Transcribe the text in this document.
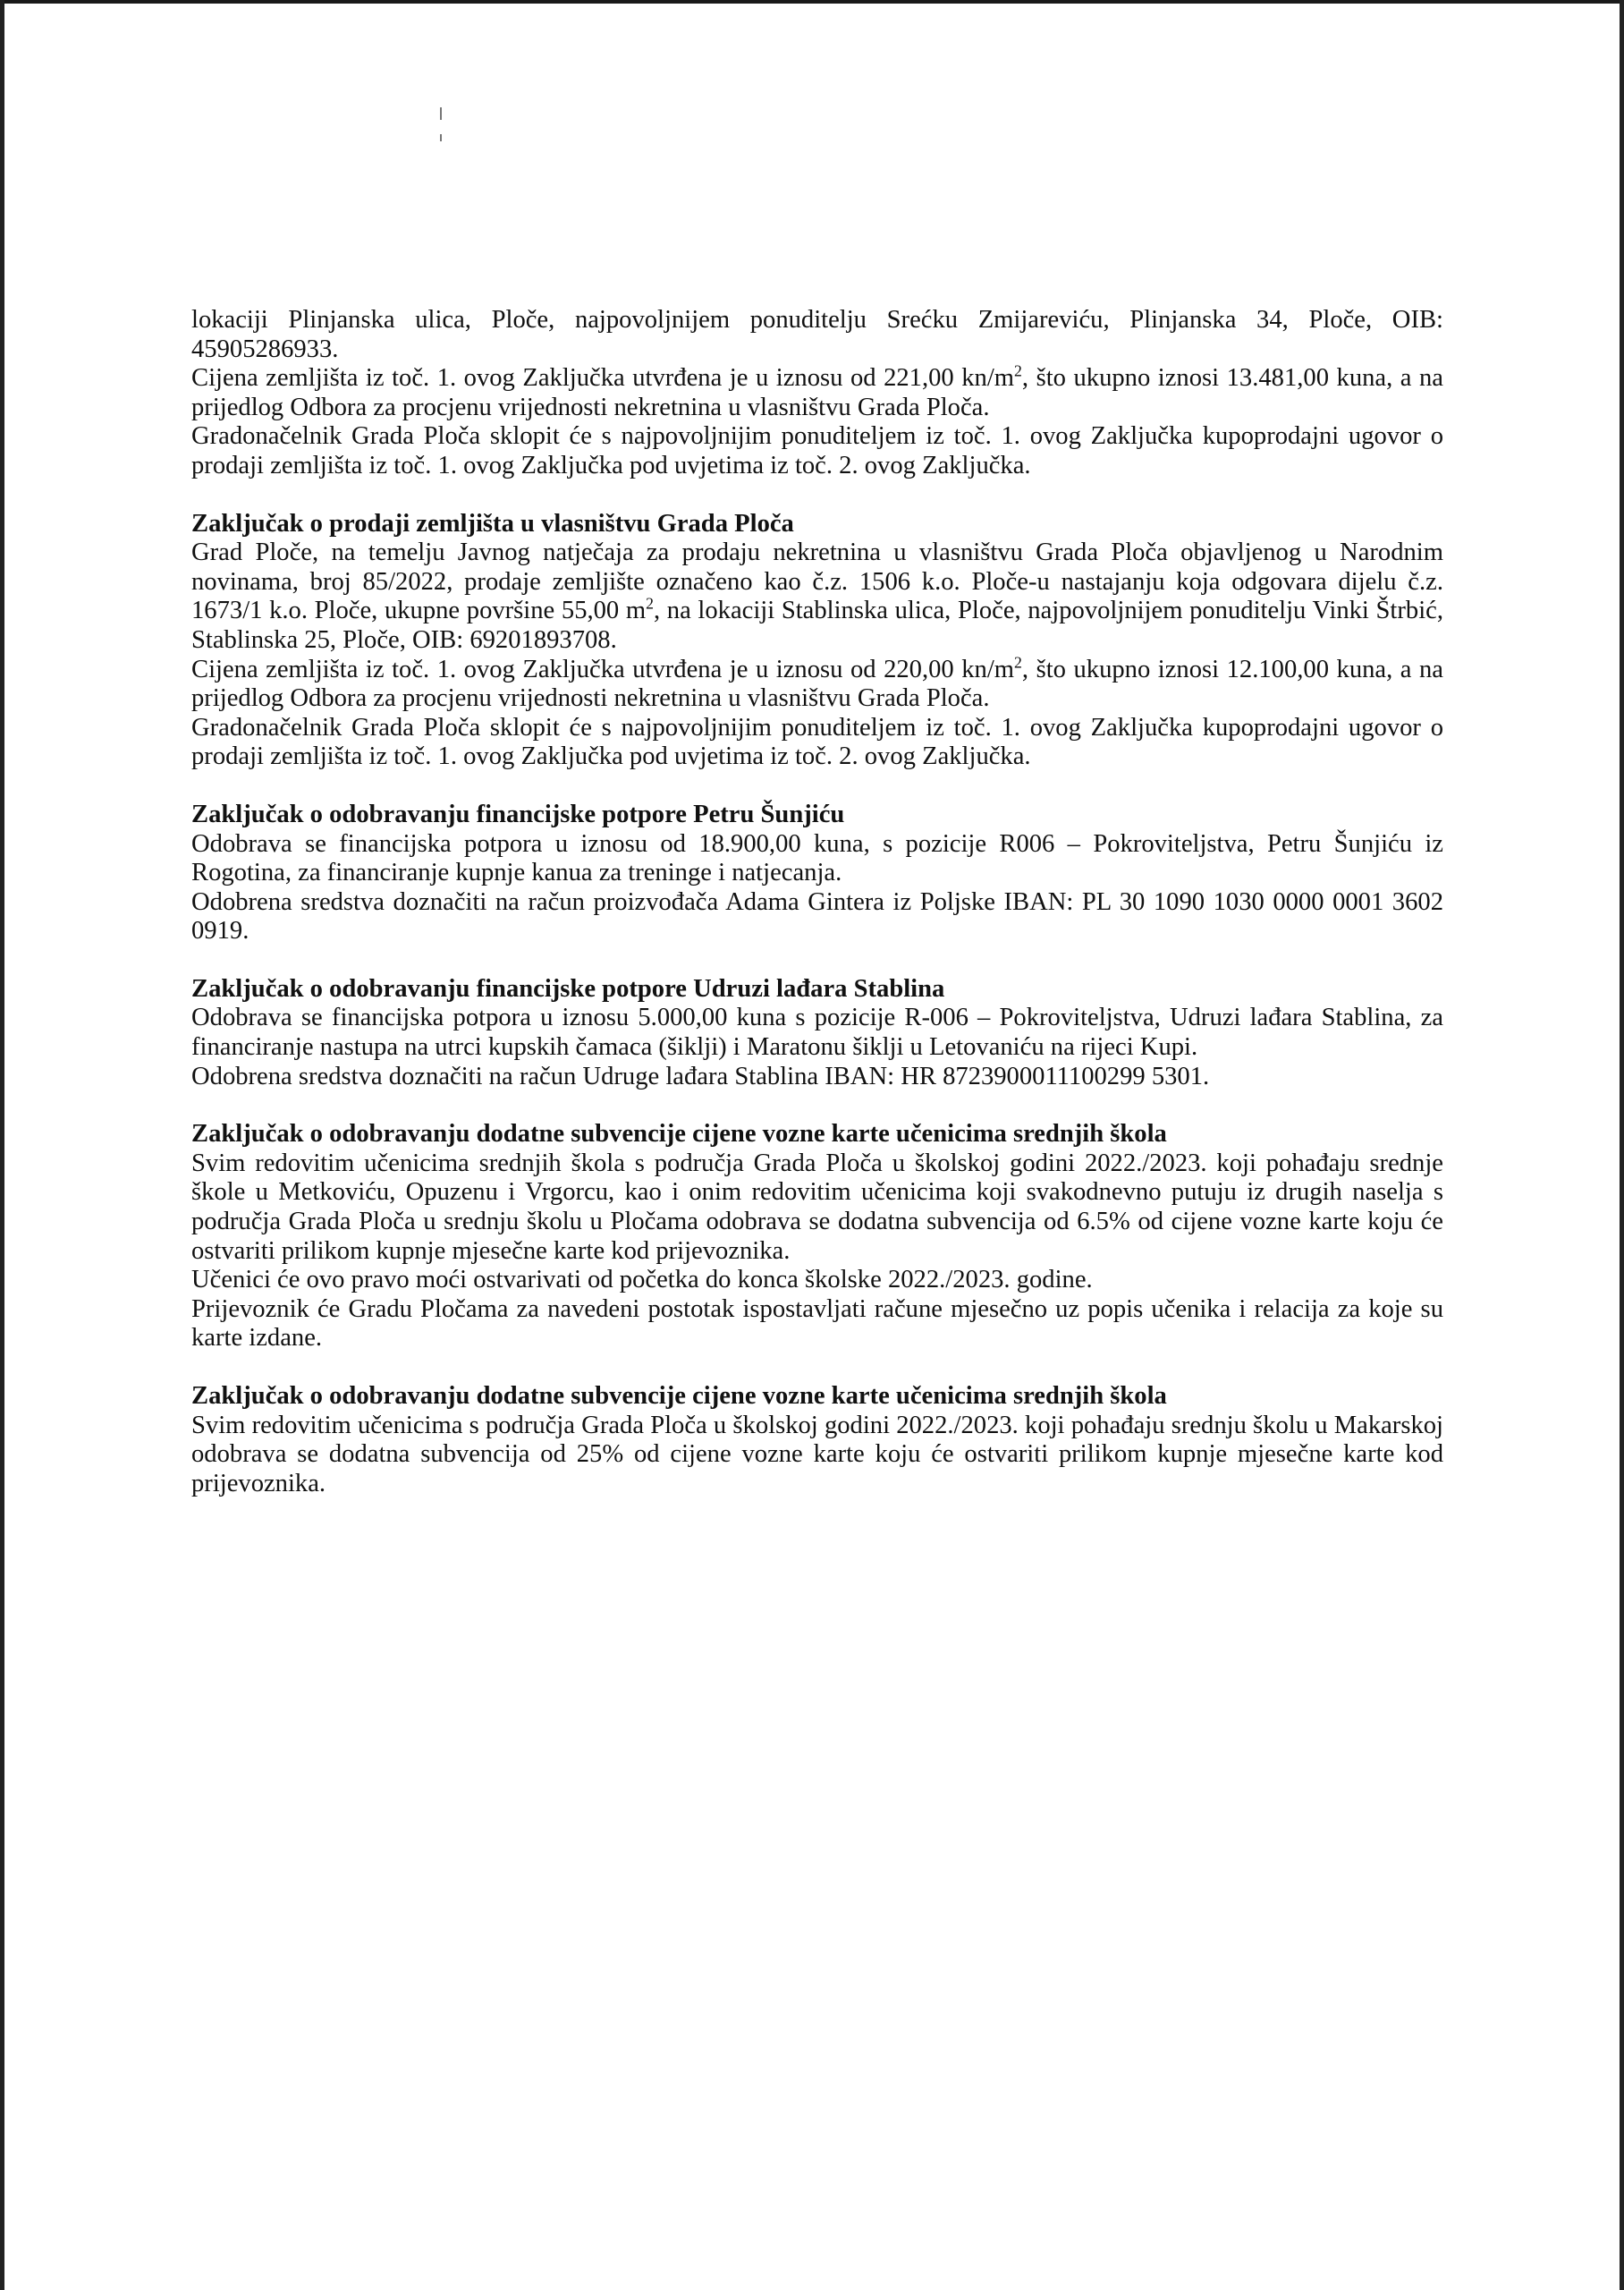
lokaciji Plinjanska ulica, Ploče, najpovoljnijem ponuditelju Srećku Zmijareviću, Plinjanska 34, Ploče, OIB: 45905286933.

Cijena zemljišta iz toč. 1. ovog Zaključka utvrđena je u iznosu od 221,00 $kn/m^2$, što ukupno iznosi 13.481,00 kuna, a na prijedlog Odbora za procjenu vrijednosti nekretnina u vlasništvu Grada Ploča.

Gradonačelnik Grada Ploča sklopit će s najpovoljnijim ponuditeljem iz toč. 1. ovog Zaključka kupoprodajni ugovor o prodaji zemljišta iz toč. 1. ovog Zaključka pod uvjetima iz toč. 2. ovog Zaključka.

Zaključak o prodaji zemljišta u vlasništvu Grada Ploča

Grad Ploče, na temelju Javnog natječaja za prodaju nekretnina u vlasništvu Grada Ploča objavljenog u Narodnim novinama, broj 85/2022, prodaje zemljište označeno kao č.z. 1506 k.o. Ploče-u nastajanju koja odgovara dijelu č.z. 1673/1 k.o. Ploče, ukupne površine 55,00 $m^2$, na lokaciji Stablinska ulica, Ploče, najpovoljnijem ponuditelju Vinki Štrbić, Stablinska 25, Ploče, OIB: 69201893708.

Cijena zemljišta iz toč. 1. ovog Zaključka utvrđena je u iznosu od 220,00 $kn/m^2$, što ukupno iznosi 12.100,00 kuna, a na prijedlog Odbora za procjenu vrijednosti nekretnina u vlasništvu Grada Ploča.

Gradonačelnik Grada Ploča sklopit će s najpovoljnijim ponuditeljem iz toč. 1. ovog Zaključka kupoprodajni ugovor o prodaji zemljišta iz toč. 1. ovog Zaključka pod uvjetima iz toč. 2. ovog Zaključka.

Zaključak o odobravanju financijske potpore Petru Šunjiću

Odobrava se financijska potpora u iznosu od 18.900,00 kuna, s pozicije R006 – Pokroviteljstva, Petru Šunjiću iz Rogotina, za financiranje kupnje kanua za treninge i natjecanja.

Odobrena sredstva doznačiti na račun proizvođača Adama Gintera iz Poljske IBAN: PL 30 1090 1030 0000 0001 3602 0919.

Zaključak o odobravanju financijske potpore Udruzi lađara Stablina

Odobrava se financijska potpora u iznosu 5.000,00 kuna s pozicije R-006 – Pokroviteljstva, Udruzi lađara Stablina, za financiranje nastupa na utrci kupskih čamaca (šiklji) i Maratonu šiklji u Letovaniću na rijeci Kupi.

Odobrena sredstva doznačiti na račun Udruge lađara Stablina IBAN: HR 8723900011100299 5301.

Zaključak o odobravanju dodatne subvencije cijene vozne karte učenicima srednjih škola

Svim redovitim učenicima srednjih škola s područja Grada Ploča u školskoj godini 2022./2023. koji pohađaju srednje škole u Metkoviću, Opuzenu i Vrgorcu, kao i onim redovitim učenicima koji svakodnevno putuju iz drugih naselja s područja Grada Ploča u srednju školu u Pločama odobrava se dodatna subvencija od 6.5% od cijene vozne karte koju će ostvariti prilikom kupnje mjesečne karte kod prijevoznika.

Učenici će ovo pravo moći ostvarivati od početka do konca školske 2022./2023. godine.

Prijevoznik će Gradu Pločama za navedeni postotak ispostavljati račune mjesečno uz popis učenika i relacija za koje su karte izdane.

Zaključak o odobravanju dodatne subvencije cijene vozne karte učenicima srednjih škola

Svim redovitim učenicima s područja Grada Ploča u školskoj godini 2022./2023. koji pohađaju srednju školu u Makarskoj odobrava se dodatna subvencija od 25% od cijene vozne karte koju će ostvariti prilikom kupnje mjesečne karte kod prijevoznika.
